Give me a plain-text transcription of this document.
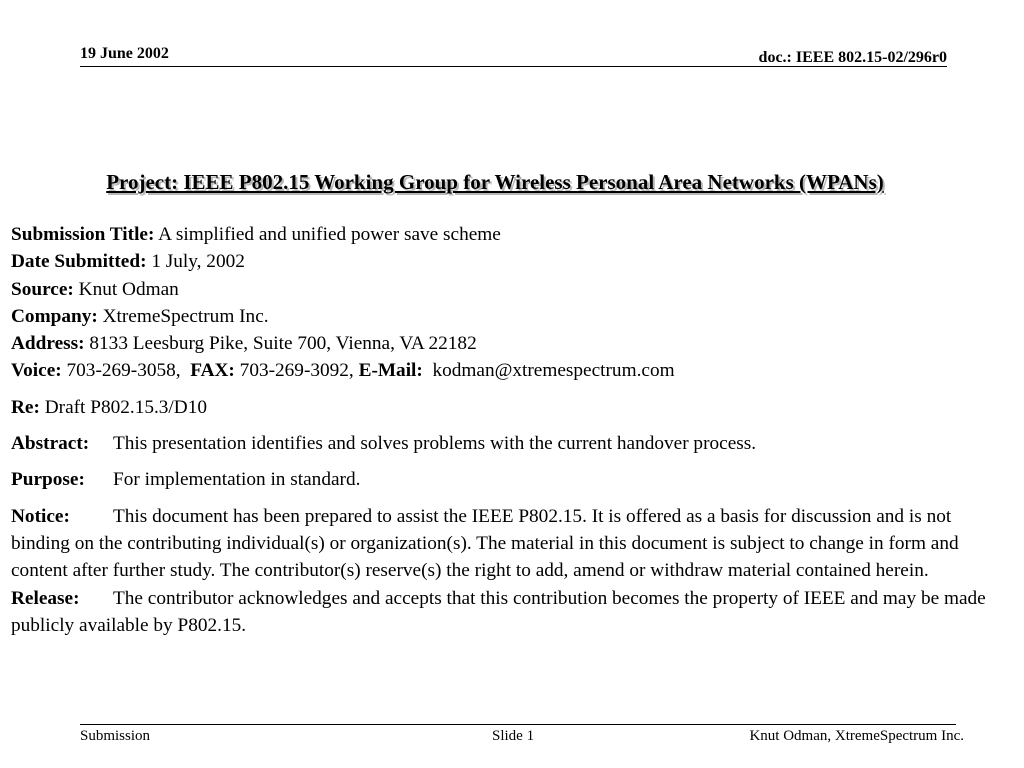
19 June 2002	doc.: IEEE 802.15-02/296r0
Project: IEEE P802.15 Working Group for Wireless Personal Area Networks (WPANs)
Submission Title: A simplified and unified power save scheme
Date Submitted: 1 July, 2002
Source: Knut Odman
Company: XtremeSpectrum Inc.
Address: 8133 Leesburg Pike, Suite 700, Vienna, VA 22182
Voice: 703-269-3058, FAX: 703-269-3092, E-Mail:  kodman@xtremespectrum.com
Re: Draft P802.15.3/D10
Abstract: This presentation identifies and solves problems with the current handover process.
Purpose: For implementation in standard.
Notice: This document has been prepared to assist the IEEE P802.15. It is offered as a basis for discussion and is not binding on the contributing individual(s) or organization(s). The material in this document is subject to change in form and content after further study. The contributor(s) reserve(s) the right to add, amend or withdraw material contained herein.
Release: The contributor acknowledges and accepts that this contribution becomes the property of IEEE and may be made publicly available by P802.15.
Submission	Slide 1	Knut Odman, XtremeSpectrum Inc.
